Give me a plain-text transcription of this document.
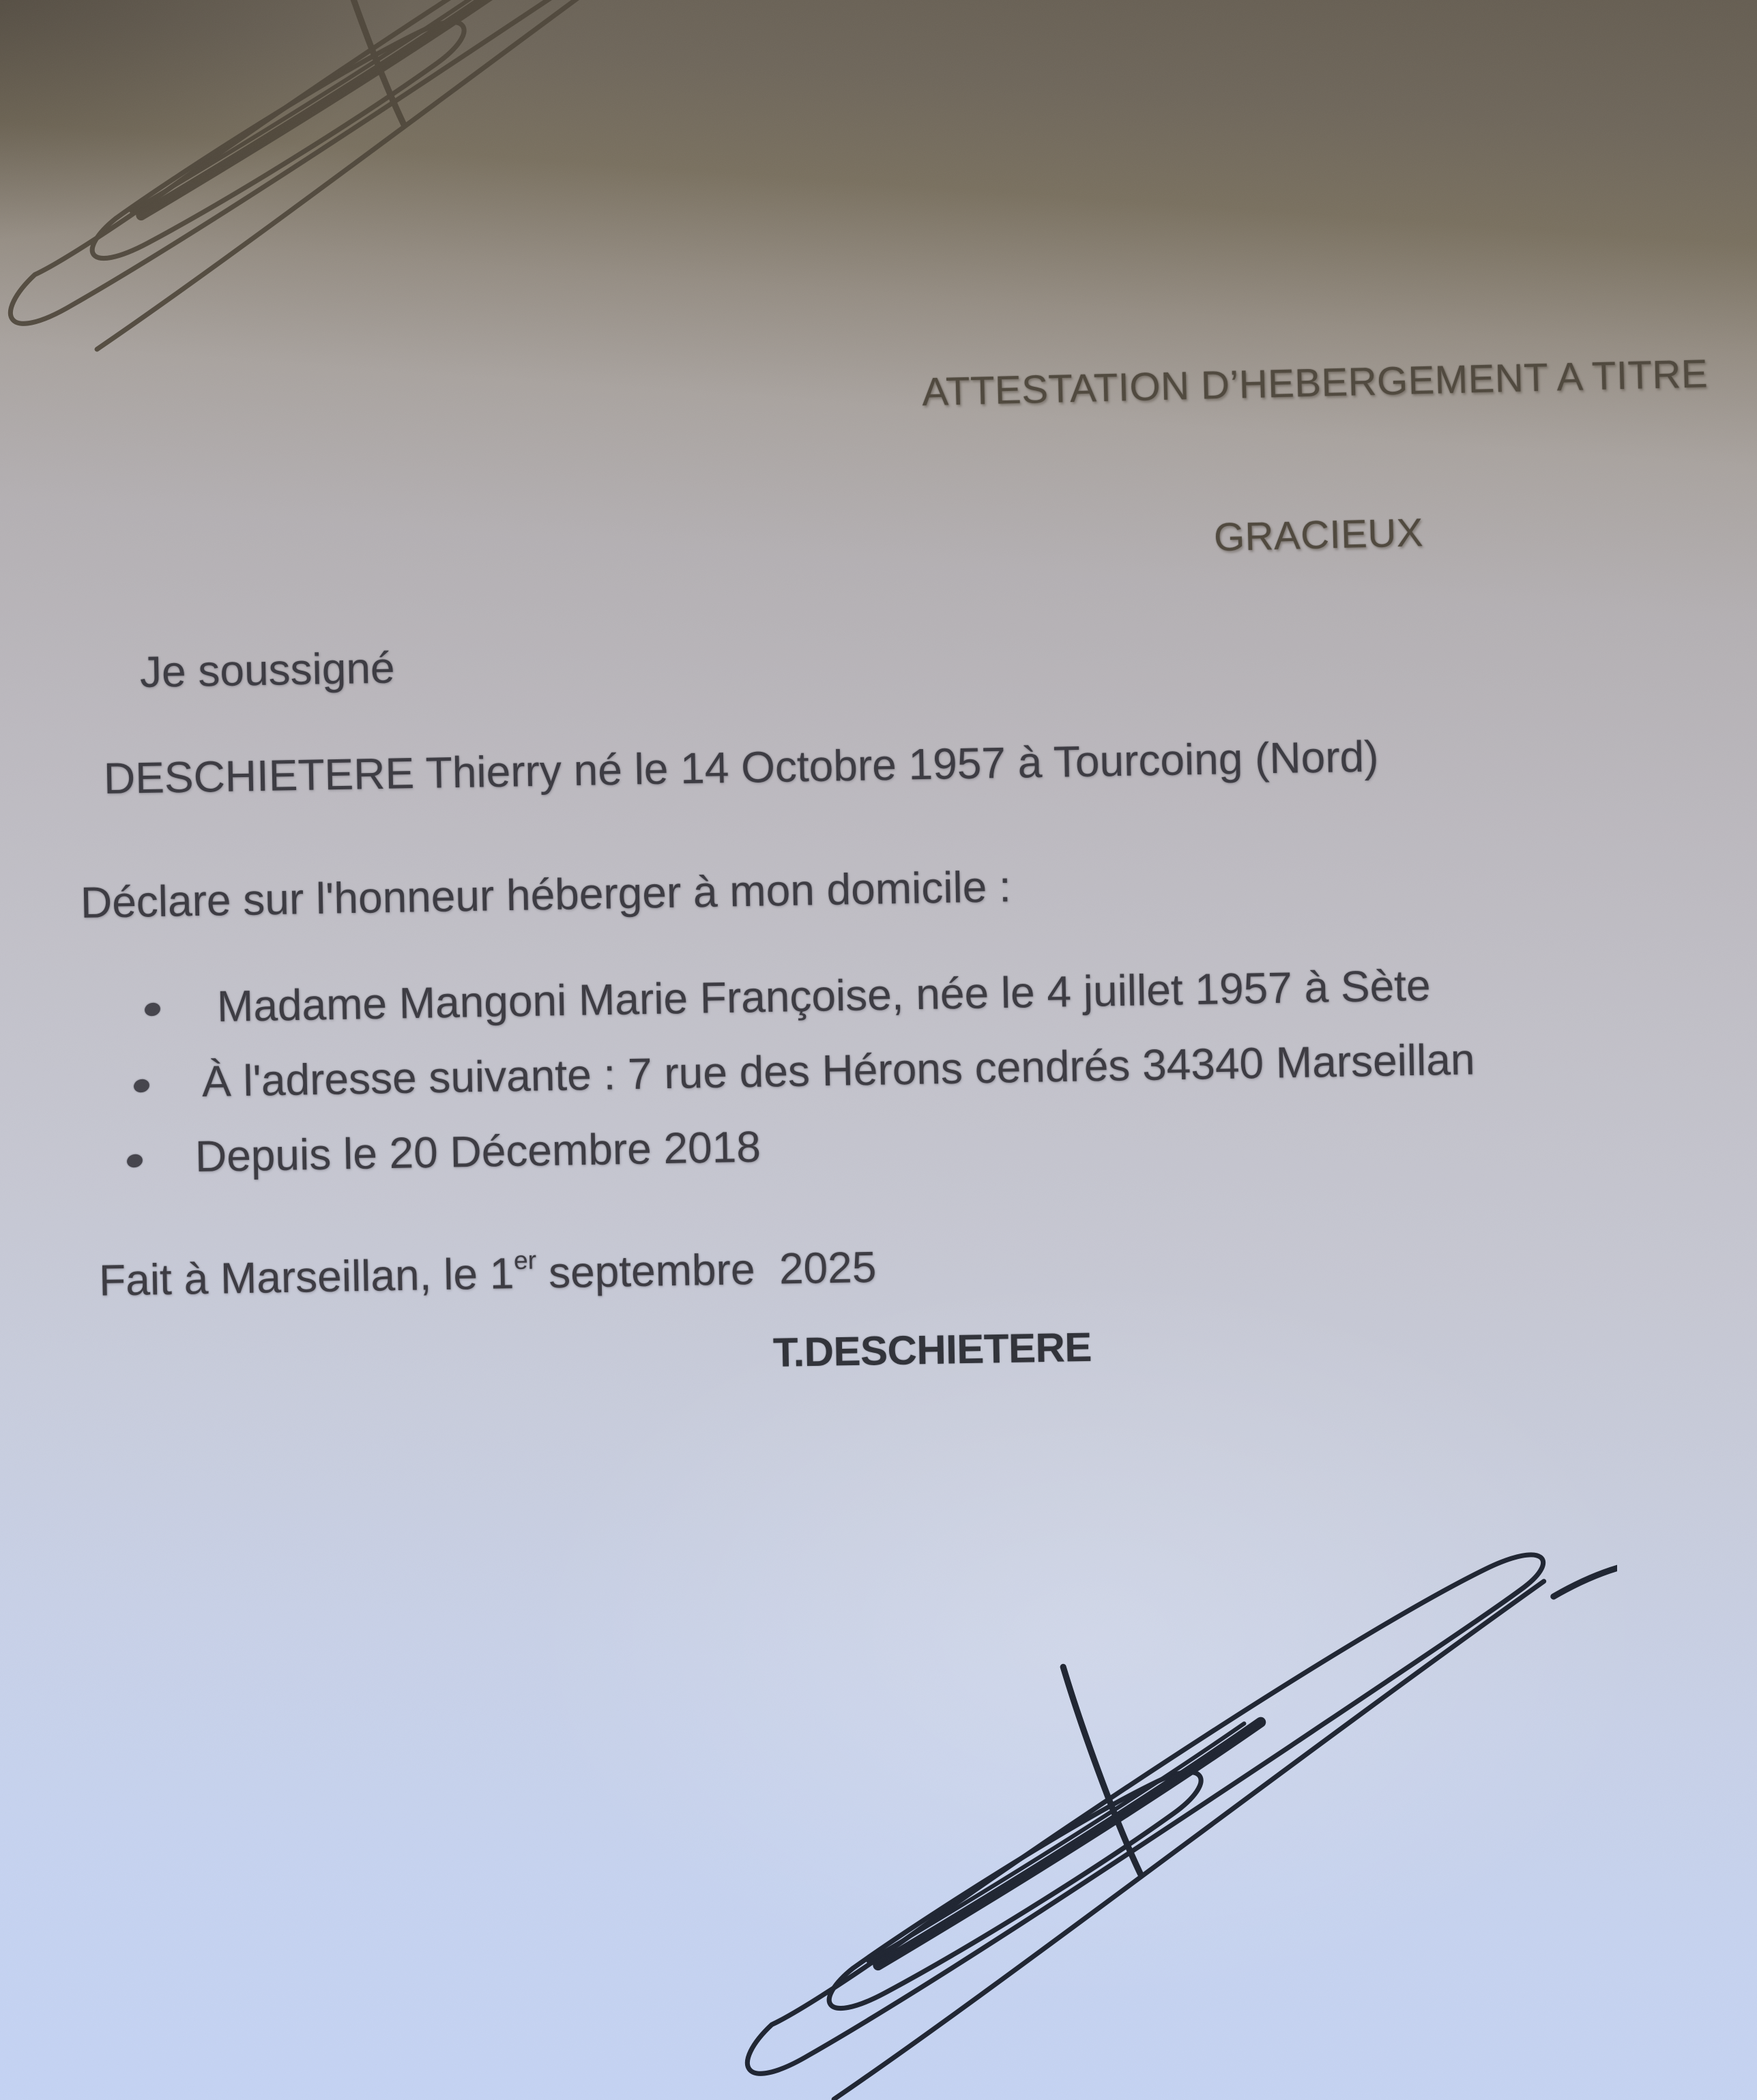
ATTESTATION D’HEBERGEMENT A TITRE

GRACIEUX

Je soussigné
DESCHIETERE Thierry né le 14 Octobre 1957 à Tourcoing (Nord)
Déclare sur l'honneur héberger à mon domicile :
Madame Mangoni Marie Françoise, née le 4 juillet 1957 à Sète
À l'adresse suivante : 7 rue des Hérons cendrés 34340 Marseillan
Depuis le 20 Décembre 2018

Fait à Marseillan, le 1er septembre  2025

T.DESCHIETERE
